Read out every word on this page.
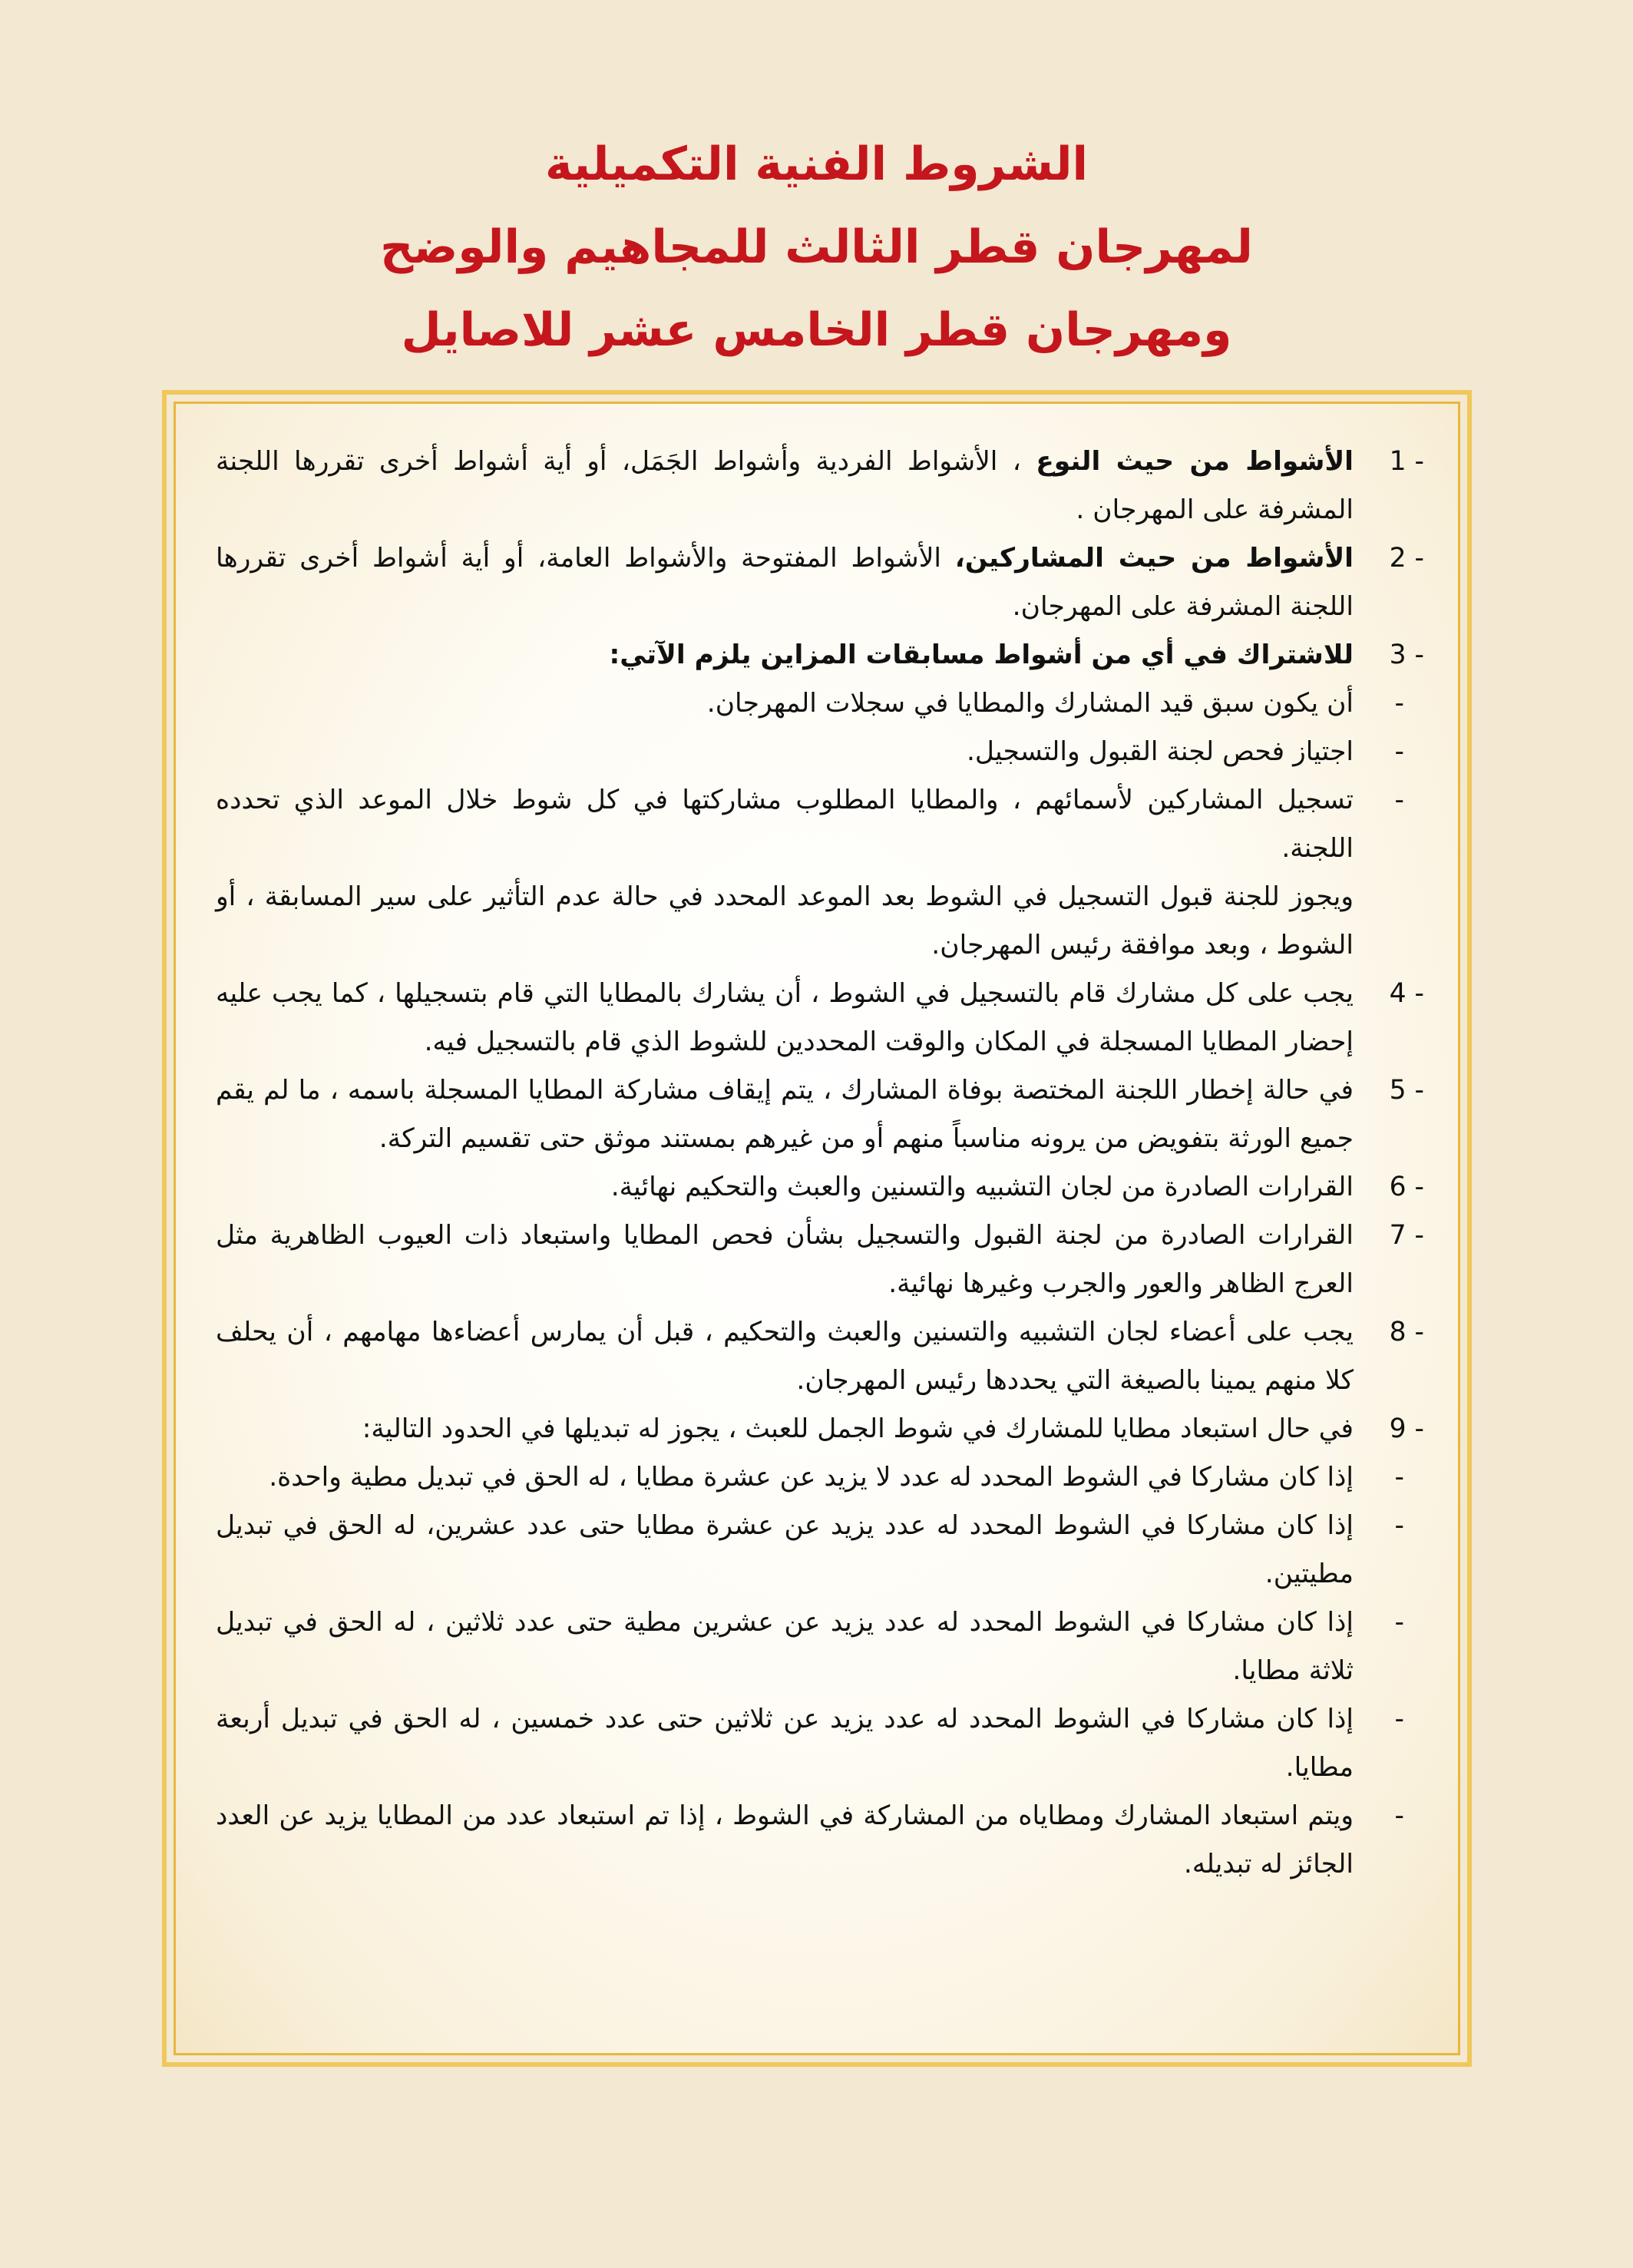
الشروط الفنية التكميلية
لمهرجان قطر الثالث للمجاهيم والوضح
ومهرجان قطر الخامس عشر للاصايل
1 -
الأشواط من حيث النوع ، الأشواط الفردية وأشواط الجَمَل، أو أية أشواط أخرى تقررها اللجنة المشرفة على المهرجان .
2 -
الأشواط من حيث المشاركين، الأشواط المفتوحة والأشواط العامة، أو أية أشواط أخرى تقررها اللجنة المشرفة على المهرجان.
3 -
للاشتراك في أي من أشواط مسابقات المزاين يلزم الآتي:
-
أن يكون سبق قيد المشارك والمطايا في سجلات المهرجان.
-
اجتياز فحص لجنة القبول والتسجيل.
-
تسجيل المشاركين لأسمائهم ، والمطايا المطلوب مشاركتها في كل شوط خلال الموعد الذي تحدده اللجنة.
ويجوز للجنة قبول التسجيل في الشوط بعد الموعد المحدد في حالة عدم التأثير على سير المسابقة ، أو الشوط ، وبعد موافقة رئيس المهرجان.
4 -
يجب على كل مشارك قام بالتسجيل في الشوط ، أن يشارك بالمطايا التي قام بتسجيلها ، كما يجب عليه إحضار المطايا المسجلة في المكان والوقت المحددين للشوط الذي قام بالتسجيل فيه.
5 -
في حالة إخطار اللجنة المختصة بوفاة المشارك ، يتم إيقاف مشاركة المطايا المسجلة باسمه ، ما لم يقم جميع الورثة بتفويض من يرونه مناسباً منهم أو من غيرهم بمستند موثق حتى تقسيم التركة.
6 -
القرارات الصادرة من لجان التشبيه والتسنين والعبث والتحكيم نهائية.
7 -
القرارات الصادرة من لجنة القبول والتسجيل بشأن فحص المطايا واستبعاد ذات العيوب الظاهرية مثل العرج الظاهر والعور والجرب وغيرها نهائية.
8 -
يجب على أعضاء لجان التشبيه والتسنين والعبث والتحكيم ، قبل أن يمارس أعضاءها مهامهم ، أن يحلف كلا منهم يمينا بالصيغة التي يحددها رئيس المهرجان.
9 -
في حال استبعاد مطايا للمشارك في شوط الجمل للعبث ، يجوز له تبديلها في الحدود التالية:
-
إذا كان مشاركا في الشوط المحدد له عدد لا يزيد عن عشرة مطايا ، له الحق في تبديل مطية واحدة.
-
إذا كان مشاركا في الشوط المحدد له عدد يزيد عن عشرة مطايا حتى عدد عشرين، له الحق في تبديل مطيتين.
-
إذا كان مشاركا في الشوط المحدد له عدد يزيد عن عشرين مطية حتى عدد ثلاثين ، له الحق في تبديل ثلاثة مطايا.
-
إذا كان مشاركا في الشوط المحدد له عدد يزيد عن ثلاثين حتى عدد خمسين ، له الحق في تبديل أربعة مطايا.
-
ويتم استبعاد المشارك ومطاياه من المشاركة في الشوط ، إذا تم استبعاد عدد من المطايا يزيد عن العدد الجائز له تبديله.
